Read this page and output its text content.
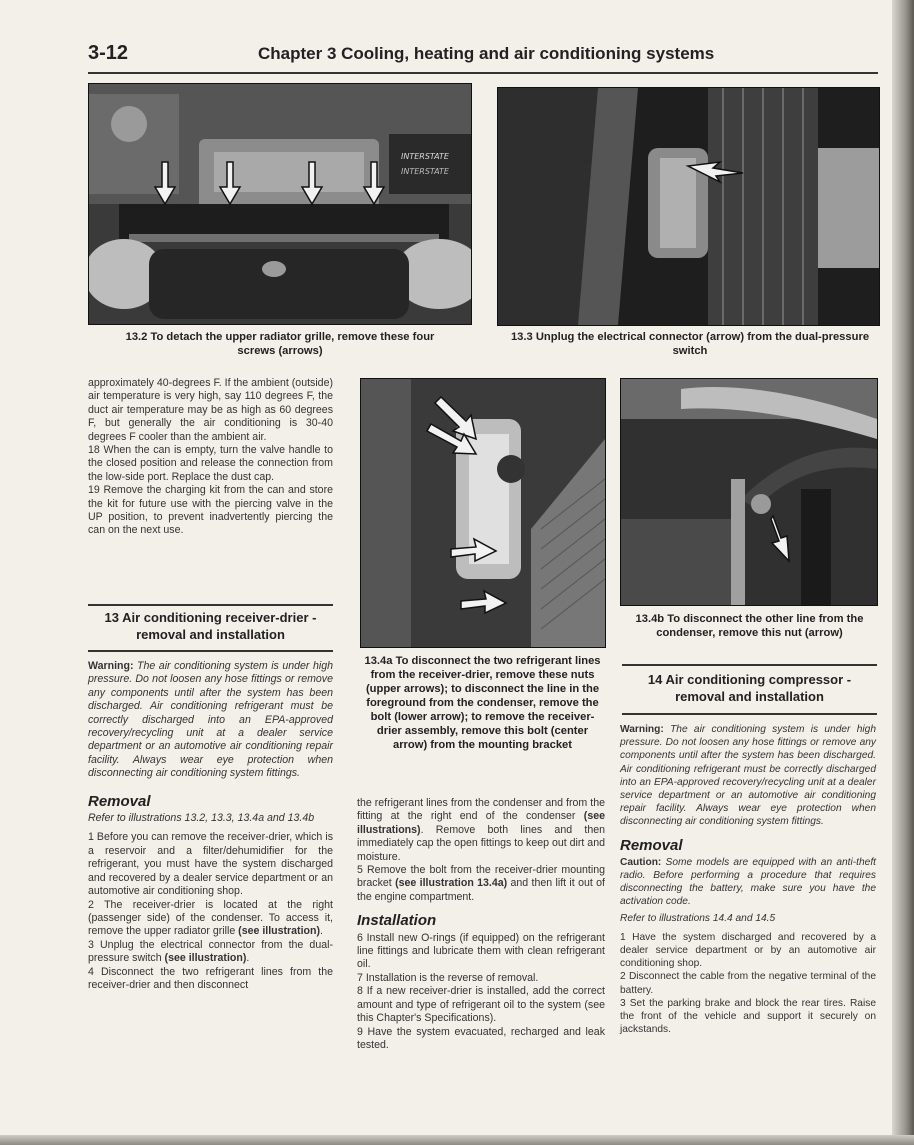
3-12	Chapter 3 Cooling, heating and air conditioning systems
INTERSTATE
INTERSTATE
13.2 To detach the upper radiator grille, remove these four screws (arrows)
13.3 Unplug the electrical connector (arrow) from the dual-pressure switch

approximately 40-degrees F. If the ambient (outside) air temperature is very high, say 110 degrees F, the duct air temperature may be as high as 60 degrees F, but generally the air conditioning is 30-40 degrees F cooler than the ambient air.

18 When the can is empty, turn the valve handle to the closed position and release the connection from the low-side port. Replace the dust cap.

19 Remove the charging kit from the can and store the kit for future use with the piercing valve in the UP position, to prevent inadvertently piercing the can on the next use.

13 Air conditioning receiver-drier - removal and installation

Warning: The air conditioning system is under high pressure. Do not loosen any hose fittings or remove any components until after the system has been discharged. Air conditioning refrigerant must be correctly discharged into an EPA-approved recovery/recycling unit at a dealer service department or an automotive air conditioning repair facility. Always wear eye protection when disconnecting air conditioning system fittings.

Removal

Refer to illustrations 13.2, 13.3, 13.4a and 13.4b

1 Before you can remove the receiver-drier, which is a reservoir and a filter/dehumidifier for the refrigerant, you must have the system discharged and recovered by a dealer service department or an automotive air conditioning shop.

2 The receiver-drier is located at the right (passenger side) of the condenser. To access it, remove the upper radiator grille (see illustration).

3 Unplug the electrical connector from the dual-pressure switch (see illustration).

4 Disconnect the two refrigerant lines from the receiver-drier and then disconnect

13.4a To disconnect the two refrigerant lines from the receiver-drier, remove these nuts (upper arrows); to disconnect the line in the foreground from the condenser, remove the bolt (lower arrow); to remove the receiver-drier assembly, remove this bolt (center arrow) from the mounting bracket

the refrigerant lines from the condenser and from the fitting at the right end of the condenser (see illustrations). Remove both lines and then immediately cap the open fittings to keep out dirt and moisture.

5 Remove the bolt from the receiver-drier mounting bracket (see illustration 13.4a) and then lift it out of the engine compartment.

Installation

6 Install new O-rings (if equipped) on the refrigerant line fittings and lubricate them with clean refrigerant oil.

7 Installation is the reverse of removal.

8 If a new receiver-drier is installed, add the correct amount and type of refrigerant oil to the system (see this Chapter's Specifications).

9 Have the system evacuated, recharged and leak tested.

13.4b To disconnect the other line from the condenser, remove this nut (arrow)
14 Air conditioning compressor - removal and installation

Warning: The air conditioning system is under high pressure. Do not loosen any hose fittings or remove any components until after the system has been discharged. Air conditioning refrigerant must be correctly discharged into an EPA-approved recovery/recycling unit at a dealer service department or an automotive air conditioning repair facility. Always wear eye protection when disconnecting air conditioning system fittings.

Removal

Caution: Some models are equipped with an anti-theft radio. Before performing a procedure that requires disconnecting the battery, make sure you have the activation code.

Refer to illustrations 14.4 and 14.5

1 Have the system discharged and recovered by a dealer service department or by an automotive air conditioning shop.

2 Disconnect the cable from the negative terminal of the battery.

3 Set the parking brake and block the rear tires. Raise the front of the vehicle and support it securely on jackstands.
